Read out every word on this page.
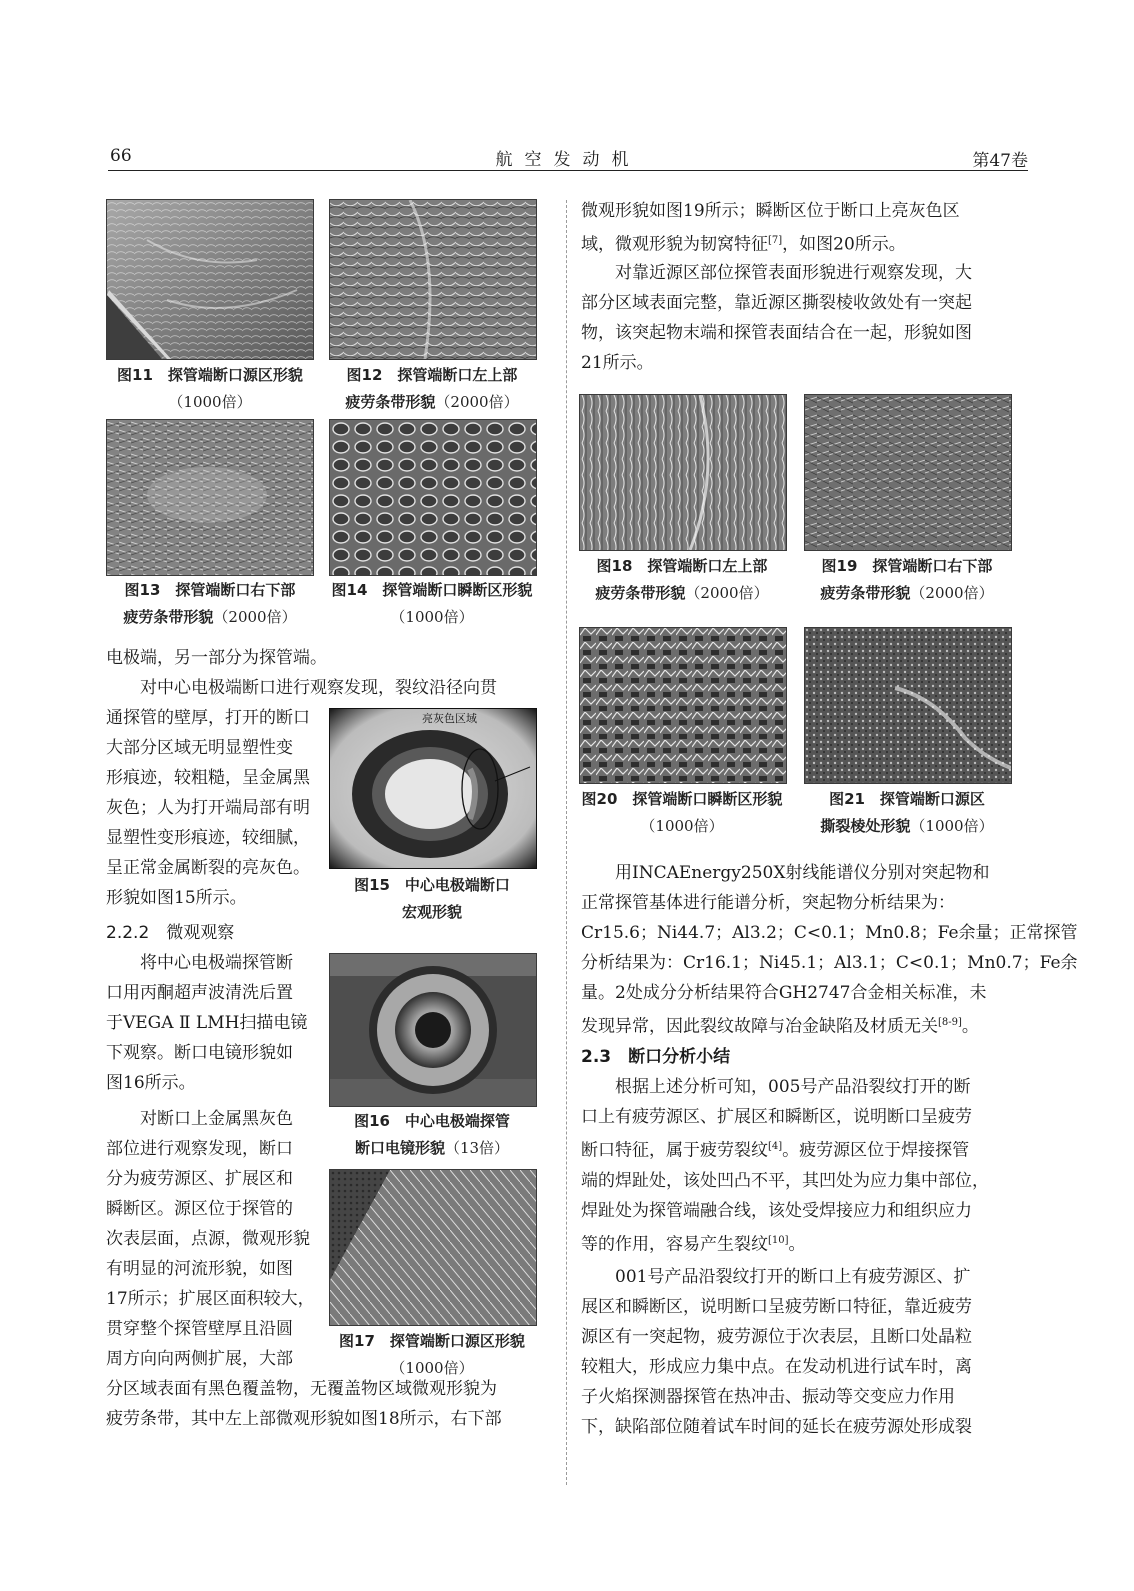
66	航空发动机	第47卷
图11　探管端断口源区形貌
（1000倍）
图12　探管端断口左上部
疲劳条带形貌（2000倍）
图13　探管端断口右下部
疲劳条带形貌（2000倍）
图14　探管端断口瞬断区形貌
（1000倍）
电极端，另一部分为探管端。
对中心电极端断口进行观察发现，裂纹沿径向贯
通探管的壁厚，打开的断口
大部分区域无明显塑性变
形痕迹，较粗糙，呈金属黑
灰色；人为打开端局部有明
显塑性变形痕迹，较细腻，
呈正常金属断裂的亮灰色。
形貌如图15所示。
2.2.2　微观观察
将中心电极端探管断
口用丙酮超声波清洗后置
于VEGA Ⅱ LMH扫描电镜
下观察。断口电镜形貌如
图16所示。
对断口上金属黑灰色
部位进行观察发现，断口
分为疲劳源区、扩展区和
瞬断区。源区位于探管的
次表层面，点源，微观形貌
有明显的河流形貌，如图
17所示；扩展区面积较大，
贯穿整个探管壁厚且沿圆
周方向向两侧扩展，大部
分区域表面有黑色覆盖物，无覆盖物区域微观形貌为
疲劳条带，其中左上部微观形貌如图18所示，右下部
亮灰色区域
图15　中心电极端断口
宏观形貌
图16　中心电极端探管
断口电镜形貌（13倍）
图17　探管端断口源区形貌
（1000倍）
微观形貌如图19所示；瞬断区位于断口上亮灰色区
域，微观形貌为韧窝特征[7]，如图20所示。
对靠近源区部位探管表面形貌进行观察发现，大
部分区域表面完整，靠近源区撕裂棱收敛处有一突起
物，该突起物末端和探管表面结合在一起，形貌如图
21所示。
图18　探管端断口左上部
疲劳条带形貌（2000倍）
图19　探管端断口右下部
疲劳条带形貌（2000倍）
图20　探管端断口瞬断区形貌
（1000倍）
图21　探管端断口源区
撕裂棱处形貌（1000倍）
用INCAEnergy250X射线能谱仪分别对突起物和
正常探管基体进行能谱分析，突起物分析结果为：
Cr15.6；Ni44.7；Al3.2；C<0.1；Mn0.8；Fe余量；正常探管
分析结果为：Cr16.1；Ni45.1；Al3.1；C<0.1；Mn0.7；Fe余
量。2处成分分析结果符合GH2747合金相关标准，未
发现异常，因此裂纹故障与冶金缺陷及材质无关[8-9]。
2.3　断口分析小结
根据上述分析可知，005号产品沿裂纹打开的断
口上有疲劳源区、扩展区和瞬断区，说明断口呈疲劳
断口特征，属于疲劳裂纹[4]。疲劳源区位于焊接探管
端的焊趾处，该处凹凸不平，其凹处为应力集中部位，
焊趾处为探管端融合线，该处受焊接应力和组织应力
等的作用，容易产生裂纹[10]。
001号产品沿裂纹打开的断口上有疲劳源区、扩
展区和瞬断区，说明断口呈疲劳断口特征，靠近疲劳
源区有一突起物，疲劳源位于次表层，且断口处晶粒
较粗大，形成应力集中点。在发动机进行试车时，离
子火焰探测器探管在热冲击、振动等交变应力作用
下，缺陷部位随着试车时间的延长在疲劳源处形成裂
